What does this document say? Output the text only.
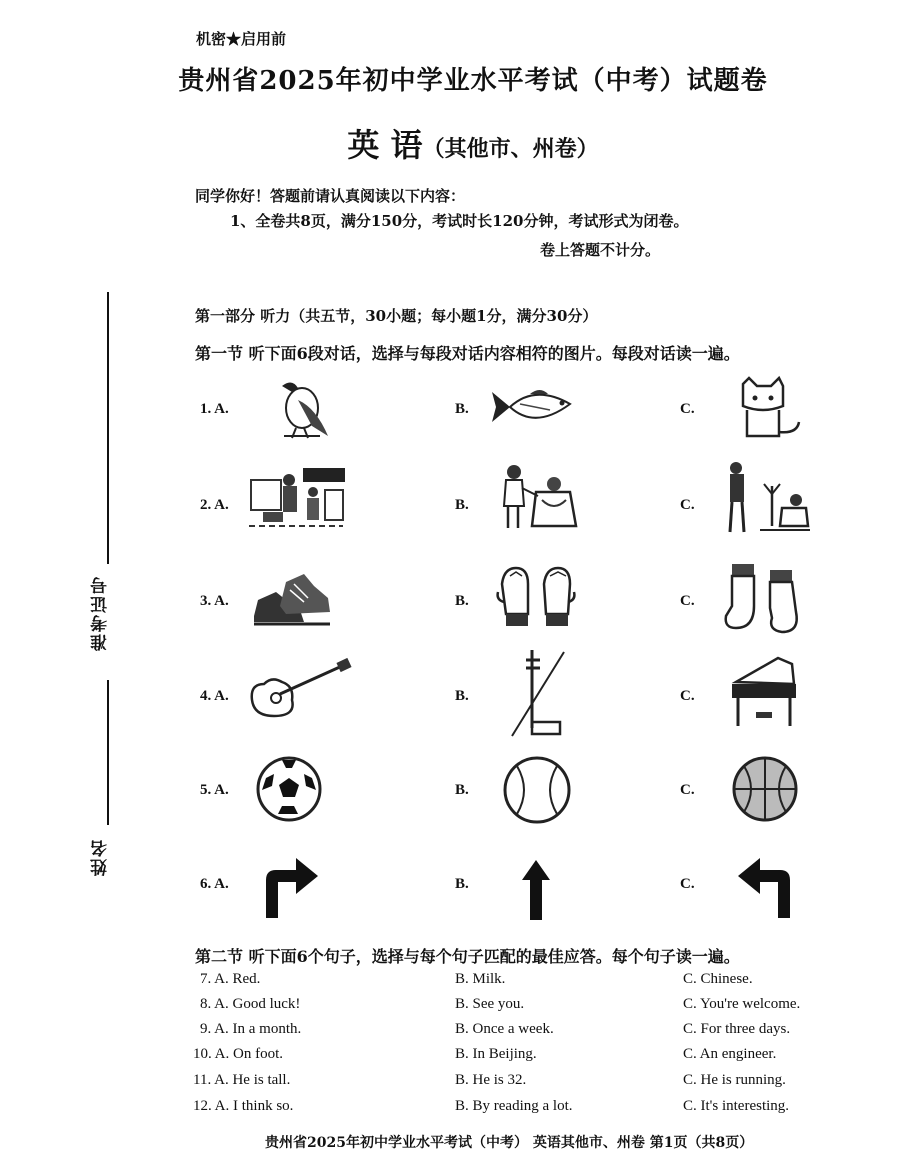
机密★启用前
贵州省2025年初中学业水平考试（中考）试题卷
英 语（其他市、州卷）
同学你好！答题前请认真阅读以下内容：
1、全卷共8页，满分150分，考试时长120分钟，考试形式为闭卷。
卷上答题不计分。
准考证号
姓名
第一部分 听力（共五节，30小题；每小题1分，满分30分）
第一节 听下面6段对话，选择与每段对话内容相符的图片。每段对话读一遍。
1. A.	B.	C.
2. A.	B.	C.
3. A.	B.	C.
4. A.	B.	C.
5. A.	B.	C.
6. A.	B.	C.
第二节 听下面6个句子，选择与每个句子匹配的最佳应答。每个句子读一遍。
7. A. Red.	B. Milk.	C. Chinese.
8. A. Good luck!	B. See you.	C. You're welcome.
9. A. In a month.	B. Once a week.	C. For three days.
10. A. On foot.	B. In Beijing.	C. An engineer.
11. A. He is tall.	B. He is 32.	C. He is running.
12. A. I think so.	B. By reading a lot.	C. It's interesting.
贵州省2025年初中学业水平考试（中考） 英语其他市、州卷 第1页（共8页）
